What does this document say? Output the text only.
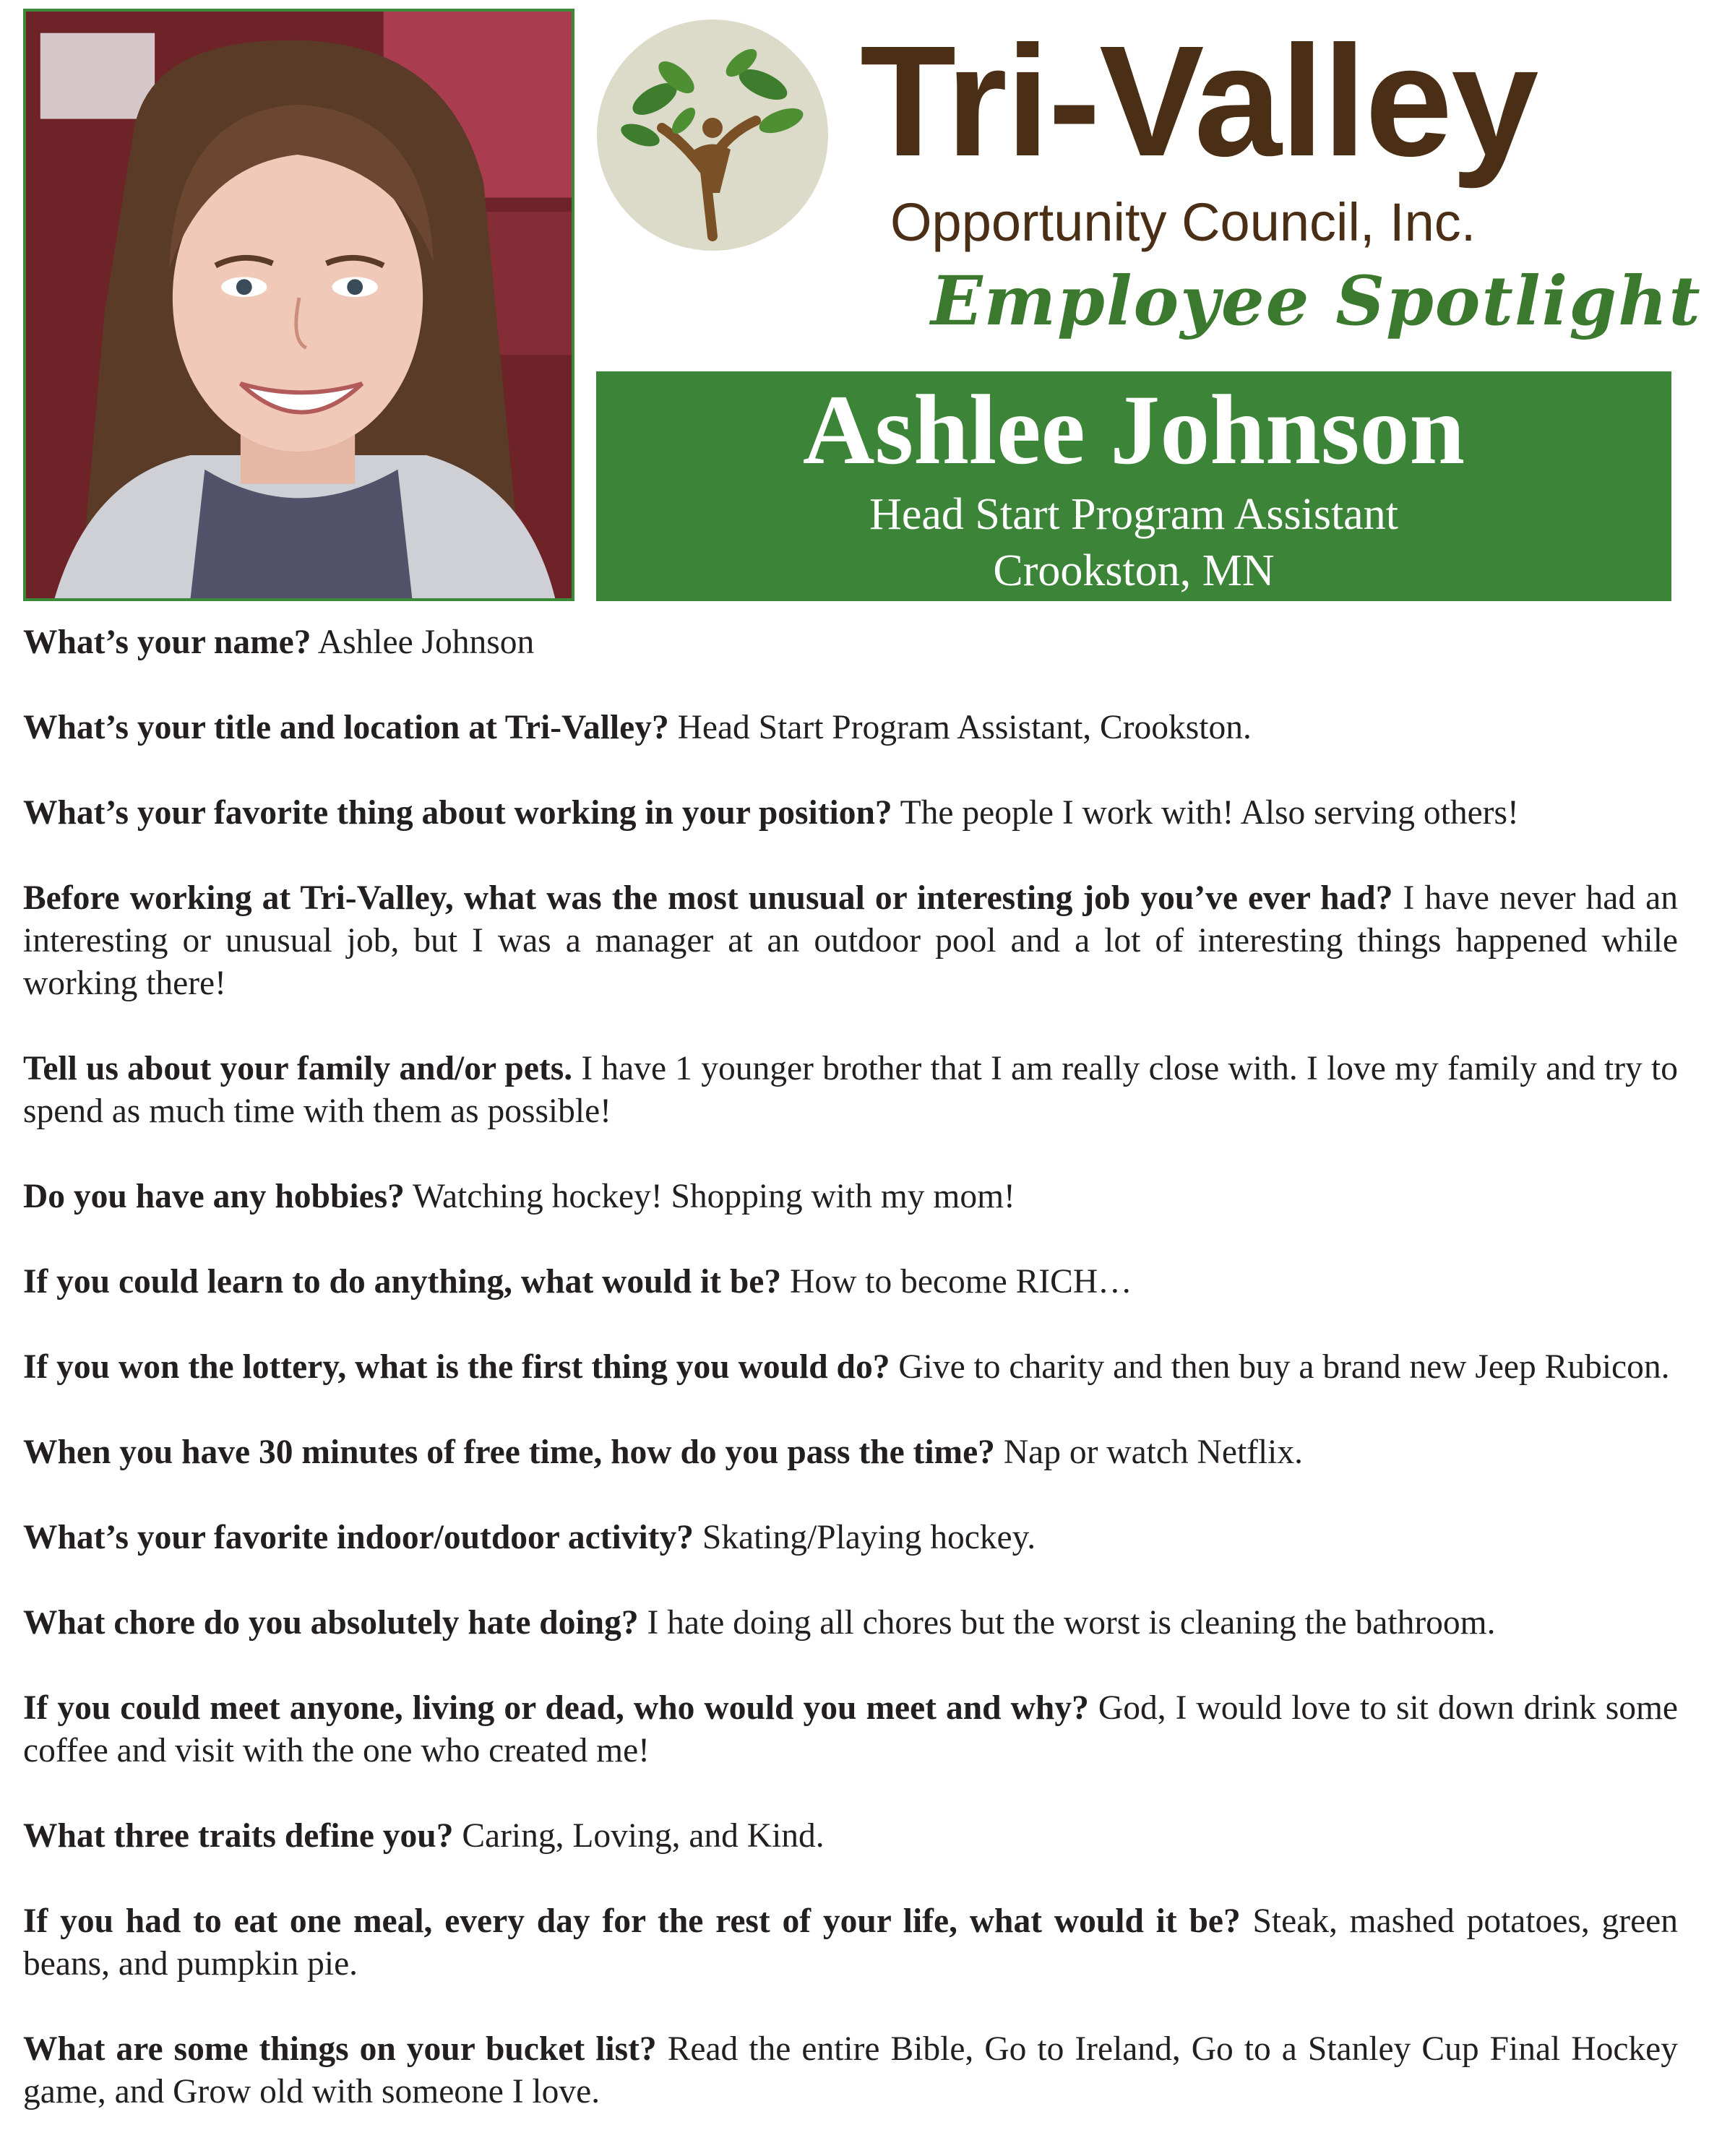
Tri-Valley
Opportunity Council, Inc.
Employee Spotlight
Ashlee Johnson
Head Start Program Assistant
Crookston, MN

What’s your name? Ashlee Johnson

What’s your title and location at Tri-Valley? Head Start Program Assistant, Crookston.

What’s your favorite thing about working in your position? The people I work with! Also serving others!

Before working at Tri-Valley, what was the most unusual or interesting job you’ve ever had? I have never had an interesting or unusual job, but I was a manager at an outdoor pool and a lot of interesting things happened while working there!

Tell us about your family and/or pets. I have 1 younger brother that I am really close with. I love my family and try to spend as much time with them as possible!

Do you have any hobbies? Watching hockey! Shopping with my mom!

If you could learn to do anything, what would it be? How to become RICH…

If you won the lottery, what is the first thing you would do? Give to charity and then buy a brand new Jeep Rubicon.

When you have 30 minutes of free time, how do you pass the time? Nap or watch Netflix.

What’s your favorite indoor/outdoor activity? Skating/Playing hockey.

What chore do you absolutely hate doing? I hate doing all chores but the worst is cleaning the bathroom.

If you could meet anyone, living or dead, who would you meet and why? God, I would love to sit down drink some coffee and visit with the one who created me!

What three traits define you? Caring, Loving, and Kind.

If you had to eat one meal, every day for the rest of your life, what would it be? Steak, mashed potatoes, green beans, and pumpkin pie.

What are some things on your bucket list? Read the entire Bible, Go to Ireland, Go to a Stanley Cup Final Hockey game, and Grow old with someone I love.
